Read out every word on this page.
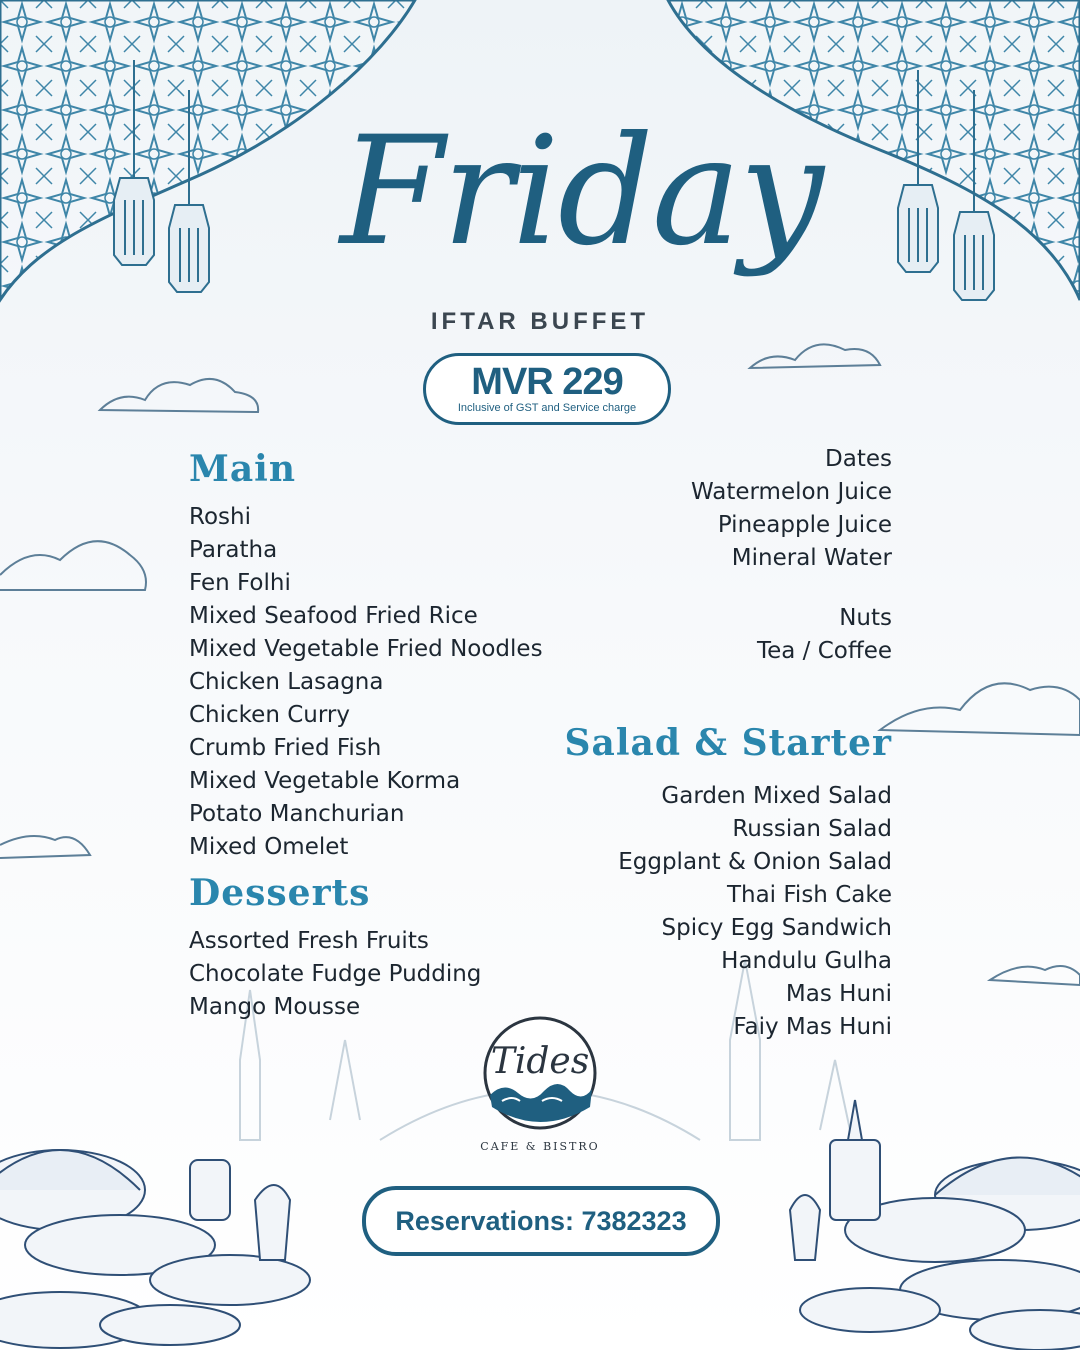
Friday
IFTAR BUFFET
MVR 229
Inclusive of GST and Service charge
Main
Roshi
Paratha
Fen Folhi
Mixed Seafood Fried Rice
Mixed Vegetable Fried Noodles
Chicken Lasagna
Chicken Curry
Crumb Fried Fish
Mixed Vegetable Korma
Potato Manchurian
Mixed Omelet
Desserts
Assorted Fresh Fruits
Chocolate Fudge Pudding
Mango Mousse
Dates
Watermelon Juice
Pineapple Juice
Mineral Water
Nuts
Tea / Coffee
Salad & Starter
Garden Mixed Salad
Russian Salad
Eggplant & Onion Salad
Thai Fish Cake
Spicy Egg Sandwich
Handulu Gulha
Mas Huni
Faiy Mas Huni
Tides
CAFE & BISTRO
Reservations: 7382323
